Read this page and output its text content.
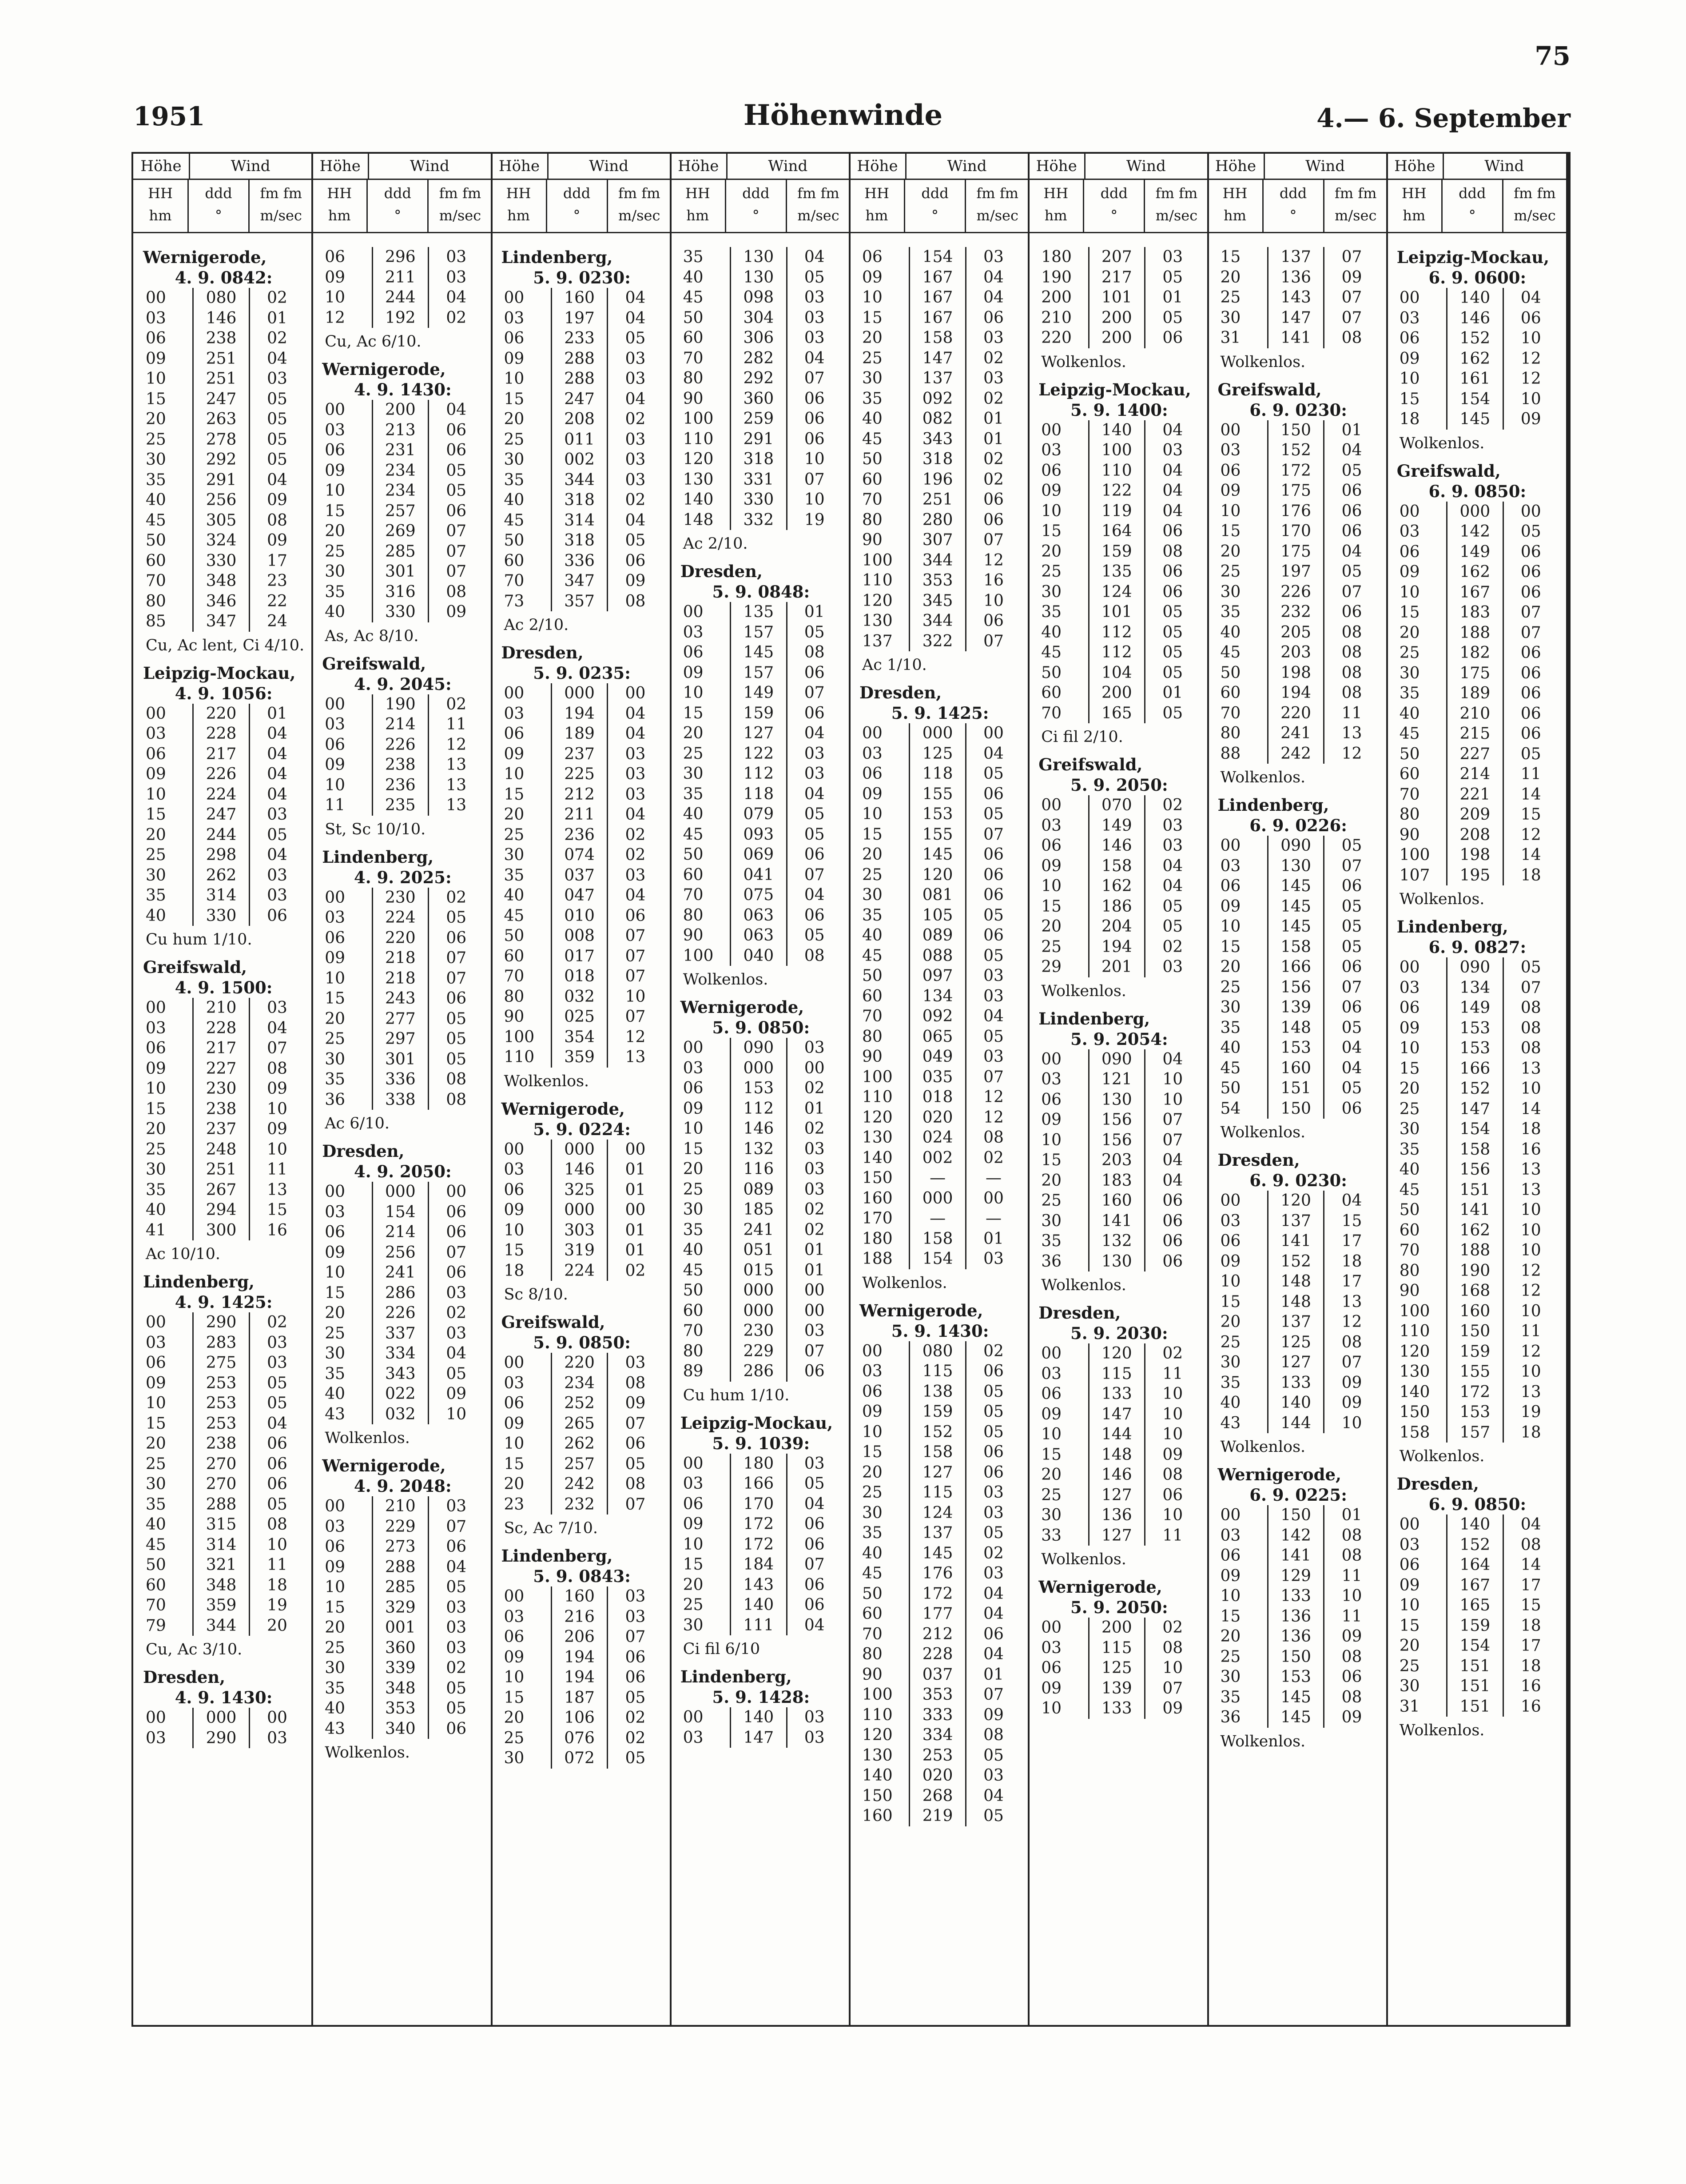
75
1951	Höhenwinde	4.— 6. September
Höhe	Wind
HH
hm
ddd
°
fm fm
m/sec
Wernigerode,
4. 9. 0842:
00	080	02
03	146	01
06	238	02
09	251	04
10	251	03
15	247	05
20	263	05
25	278	05
30	292	05
35	291	04
40	256	09
45	305	08
50	324	09
60	330	17
70	348	23
80	346	22
85	347	24
Cu, Ac lent, Ci 4/10.
Leipzig-Mockau,
4. 9. 1056:
00	220	01
03	228	04
06	217	04
09	226	04
10	224	04
15	247	03
20	244	05
25	298	04
30	262	03
35	314	03
40	330	06
Cu hum 1/10.
Greifswald,
4. 9. 1500:
00	210	03
03	228	04
06	217	07
09	227	08
10	230	09
15	238	10
20	237	09
25	248	10
30	251	11
35	267	13
40	294	15
41	300	16
Ac 10/10.
Lindenberg,
4. 9. 1425:
00	290	02
03	283	03
06	275	03
09	253	05
10	253	05
15	253	04
20	238	06
25	270	06
30	270	06
35	288	05
40	315	08
45	314	10
50	321	11
60	348	18
70	359	19
79	344	20
Cu, Ac 3/10.
Dresden,
4. 9. 1430:
00	000	00
03	290	03
Höhe	Wind
HH
hm
ddd
°
fm fm
m/sec
06	296	03
09	211	03
10	244	04
12	192	02
Cu, Ac 6/10.
Wernigerode,
4. 9. 1430:
00	200	04
03	213	06
06	231	06
09	234	05
10	234	05
15	257	06
20	269	07
25	285	07
30	301	07
35	316	08
40	330	09
As, Ac 8/10.
Greifswald,
4. 9. 2045:
00	190	02
03	214	11
06	226	12
09	238	13
10	236	13
11	235	13
St, Sc 10/10.
Lindenberg,
4. 9. 2025:
00	230	02
03	224	05
06	220	06
09	218	07
10	218	07
15	243	06
20	277	05
25	297	05
30	301	05
35	336	08
36	338	08
Ac 6/10.
Dresden,
4. 9. 2050:
00	000	00
03	154	06
06	214	06
09	256	07
10	241	06
15	286	03
20	226	02
25	337	03
30	334	04
35	343	05
40	022	09
43	032	10
Wolkenlos.
Wernigerode,
4. 9. 2048:
00	210	03
03	229	07
06	273	06
09	288	04
10	285	05
15	329	03
20	001	03
25	360	03
30	339	02
35	348	05
40	353	05
43	340	06
Wolkenlos.
Höhe	Wind
HH
hm
ddd
°
fm fm
m/sec
Lindenberg,
5. 9. 0230:
00	160	04
03	197	04
06	233	05
09	288	03
10	288	03
15	247	04
20	208	02
25	011	03
30	002	03
35	344	03
40	318	02
45	314	04
50	318	05
60	336	06
70	347	09
73	357	08
Ac 2/10.
Dresden,
5. 9. 0235:
00	000	00
03	194	04
06	189	04
09	237	03
10	225	03
15	212	03
20	211	04
25	236	02
30	074	02
35	037	03
40	047	04
45	010	06
50	008	07
60	017	07
70	018	07
80	032	10
90	025	07
100	354	12
110	359	13
Wolkenlos.
Wernigerode,
5. 9. 0224:
00	000	00
03	146	01
06	325	01
09	000	00
10	303	01
15	319	01
18	224	02
Sc 8/10.
Greifswald,
5. 9. 0850:
00	220	03
03	234	08
06	252	09
09	265	07
10	262	06
15	257	05
20	242	08
23	232	07
Sc, Ac 7/10.
Lindenberg,
5. 9. 0843:
00	160	03
03	216	03
06	206	07
09	194	06
10	194	06
15	187	05
20	106	02
25	076	02
30	072	05
Höhe	Wind
HH
hm
ddd
°
fm fm
m/sec
35	130	04
40	130	05
45	098	03
50	304	03
60	306	03
70	282	04
80	292	07
90	360	06
100	259	06
110	291	06
120	318	10
130	331	07
140	330	10
148	332	19
Ac 2/10.
Dresden,
5. 9. 0848:
00	135	01
03	157	05
06	145	08
09	157	06
10	149	07
15	159	06
20	127	04
25	122	03
30	112	03
35	118	04
40	079	05
45	093	05
50	069	06
60	041	07
70	075	04
80	063	06
90	063	05
100	040	08
Wolkenlos.
Wernigerode,
5. 9. 0850:
00	090	03
03	000	00
06	153	02
09	112	01
10	146	02
15	132	03
20	116	03
25	089	03
30	185	02
35	241	02
40	051	01
45	015	01
50	000	00
60	000	00
70	230	03
80	229	07
89	286	06
Cu hum 1/10.
Leipzig-Mockau,
5. 9. 1039:
00	180	03
03	166	05
06	170	04
09	172	06
10	172	06
15	184	07
20	143	06
25	140	06
30	111	04
Ci fil 6/10
Lindenberg,
5. 9. 1428:
00	140	03
03	147	03
Höhe	Wind
HH
hm
ddd
°
fm fm
m/sec
06	154	03
09	167	04
10	167	04
15	167	06
20	158	03
25	147	02
30	137	03
35	092	02
40	082	01
45	343	01
50	318	02
60	196	02
70	251	06
80	280	06
90	307	07
100	344	12
110	353	16
120	345	10
130	344	06
137	322	07
Ac 1/10.
Dresden,
5. 9. 1425:
00	000	00
03	125	04
06	118	05
09	155	06
10	153	05
15	155	07
20	145	06
25	120	06
30	081	06
35	105	05
40	089	06
45	088	05
50	097	03
60	134	03
70	092	04
80	065	05
90	049	03
100	035	07
110	018	12
120	020	12
130	024	08
140	002	02
150	—	—
160	000	00
170	—	—
180	158	01
188	154	03
Wolkenlos.
Wernigerode,
5. 9. 1430:
00	080	02
03	115	06
06	138	05
09	159	05
10	152	05
15	158	06
20	127	06
25	115	03
30	124	03
35	137	05
40	145	02
45	176	03
50	172	04
60	177	04
70	212	06
80	228	04
90	037	01
100	353	07
110	333	09
120	334	08
130	253	05
140	020	03
150	268	04
160	219	05
Höhe	Wind
HH
hm
ddd
°
fm fm
m/sec
180	207	03
190	217	05
200	101	01
210	200	05
220	200	06
Wolkenlos.
Leipzig-Mockau,
5. 9. 1400:
00	140	04
03	100	03
06	110	04
09	122	04
10	119	04
15	164	06
20	159	08
25	135	06
30	124	06
35	101	05
40	112	05
45	112	05
50	104	05
60	200	01
70	165	05
Ci fil 2/10.
Greifswald,
5. 9. 2050:
00	070	02
03	149	03
06	146	03
09	158	04
10	162	04
15	186	05
20	204	05
25	194	02
29	201	03
Wolkenlos.
Lindenberg,
5. 9. 2054:
00	090	04
03	121	10
06	130	10
09	156	07
10	156	07
15	203	04
20	183	04
25	160	06
30	141	06
35	132	06
36	130	06
Wolkenlos.
Dresden,
5. 9. 2030:
00	120	02
03	115	11
06	133	10
09	147	10
10	144	10
15	148	09
20	146	08
25	127	06
30	136	10
33	127	11
Wolkenlos.
Wernigerode,
5. 9. 2050:
00	200	02
03	115	08
06	125	10
09	139	07
10	133	09
Höhe	Wind
HH
hm
ddd
°
fm fm
m/sec
15	137	07
20	136	09
25	143	07
30	147	07
31	141	08
Wolkenlos.
Greifswald,
6. 9. 0230:
00	150	01
03	152	04
06	172	05
09	175	06
10	176	06
15	170	06
20	175	04
25	197	05
30	226	07
35	232	06
40	205	08
45	203	08
50	198	08
60	194	08
70	220	11
80	241	13
88	242	12
Wolkenlos.
Lindenberg,
6. 9. 0226:
00	090	05
03	130	07
06	145	06
09	145	05
10	145	05
15	158	05
20	166	06
25	156	07
30	139	06
35	148	05
40	153	04
45	160	04
50	151	05
54	150	06
Wolkenlos.
Dresden,
6. 9. 0230:
00	120	04
03	137	15
06	141	17
09	152	18
10	148	17
15	148	13
20	137	12
25	125	08
30	127	07
35	133	09
40	140	09
43	144	10
Wolkenlos.
Wernigerode,
6. 9. 0225:
00	150	01
03	142	08
06	141	08
09	129	11
10	133	10
15	136	11
20	136	09
25	150	08
30	153	06
35	145	08
36	145	09
Wolkenlos.
Höhe	Wind
HH
hm
ddd
°
fm fm
m/sec
Leipzig-Mockau,
6. 9. 0600:
00	140	04
03	146	06
06	152	10
09	162	12
10	161	12
15	154	10
18	145	09
Wolkenlos.
Greifswald,
6. 9. 0850:
00	000	00
03	142	05
06	149	06
09	162	06
10	167	06
15	183	07
20	188	07
25	182	06
30	175	06
35	189	06
40	210	06
45	215	06
50	227	05
60	214	11
70	221	14
80	209	15
90	208	12
100	198	14
107	195	18
Wolkenlos.
Lindenberg,
6. 9. 0827:
00	090	05
03	134	07
06	149	08
09	153	08
10	153	08
15	166	13
20	152	10
25	147	14
30	154	18
35	158	16
40	156	13
45	151	13
50	141	10
60	162	10
70	188	10
80	190	12
90	168	12
100	160	10
110	150	11
120	159	12
130	155	10
140	172	13
150	153	19
158	157	18
Wolkenlos.
Dresden,
6. 9. 0850:
00	140	04
03	152	08
06	164	14
09	167	17
10	165	15
15	159	18
20	154	17
25	151	18
30	151	16
31	151	16
Wolkenlos.
